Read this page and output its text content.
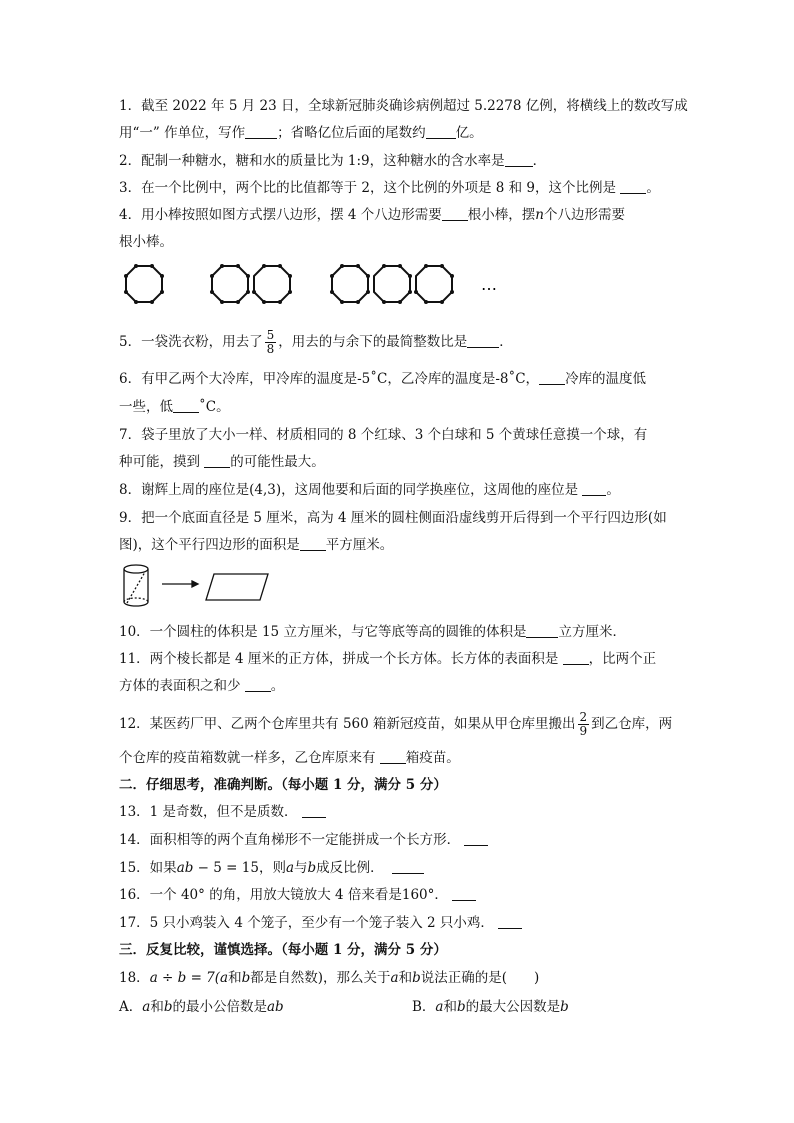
1．截至 2022 年 5 月 23 日，全球新冠肺炎确诊病例超过 5.2278 亿例，将横线上的数改写成
用“一” 作单位，写作 ；省略亿位后面的尾数约 亿。
2．配制一种糖水，糖和水的质量比为 1:9，这种糖水的含水率是 ．
3．在一个比例中，两个比的比值都等于 2，这个比例的外项是 8 和 9，这个比例是 。
4．用小棒按照如图方式摆八边形，摆 4 个八边形需要 根小棒，摆n个八边形需要
根小棒。
…
5．一袋洗衣粉，用去了 $\frac{5}{8}$ ，用去的与余下的最简整数比是 ．
6．有甲乙两个大冷库，甲冷库的温度是-5˚C，乙冷库的温度是-8˚C， 冷库的温度低
一些，低 ˚C。
7．袋子里放了大小一样、材质相同的 8 个红球、3 个白球和 5 个黄球任意摸一个球，有
种可能，摸到 的可能性最大。
8．谢辉上周的座位是(4,3)，这周他要和后面的同学换座位，这周他的座位是 。
9．把一个底面直径是 5 厘米，高为 4 厘米的圆柱侧面沿虚线剪开后得到一个平行四边形(如
图)，这个平行四边形的面积是 平方厘米。
10．一个圆柱的体积是 15 立方厘米，与它等底等高的圆锥的体积是 立方厘米．
11．两个棱长都是 4 厘米的正方体，拼成一个长方体。长方体的表面积是 ，比两个正
方体的表面积之和少 。
12．某医药厂甲、乙两个仓库里共有 560 箱新冠疫苗，如果从甲仓库里搬出 $\frac{2}{9}$ 到乙仓库，两
个仓库的疫苗箱数就一样多，乙仓库原来有 箱疫苗。
二．仔细思考，准确判断。（每小题 1 分，满分 5 分）
13．1 是奇数，但不是质数．
14．面积相等的两个直角梯形不一定能拼成一个长方形．
15．如果ab − 5 = 15，则a与b成反比例．
16．一个 40° 的角，用放大镜放大 4 倍来看是160°．
17．5 只小鸡装入 4 个笼子，至少有一个笼子装入 2 只小鸡．
三．反复比较，谨慎选择。（每小题 1 分，满分 5 分）
18．a ÷ b = 7(a和b都是自然数)，那么关于a和b说法正确的是(　　)
A．a和b的最小公倍数是ab	B．a和b的最大公因数是b
